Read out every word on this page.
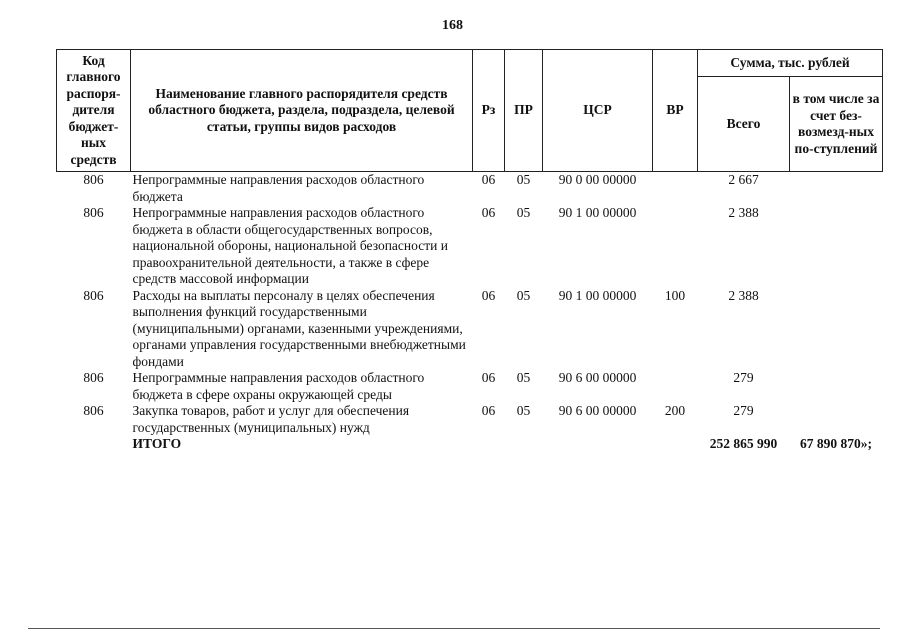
168
Код главного распоря-дителя бюджет-ных средств	Наименование главного распорядителя средств областного бюджета, раздела, подраздела, целевой статьи, группы видов расходов	Рз	ПР	ЦСР	ВР	Сумма, тыс. рублей	
						Всего	в том числе за счет без-возмезд-ных по-ступлений
806	Непрограммные направления расходов областного бюджета	06	05	90 0 00 00000		2 667	
806	Непрограммные направления расходов областного бюджета в области общегосударственных вопросов, национальной обороны, национальной безопасности и правоохранительной деятельности, а также в сфере средств массовой информации	06	05	90 1 00 00000		2 388	
806	Расходы на выплаты персоналу в целях обеспечения выполнения функций государственными (муниципальными) органами, казенными учреждениями, органами управления государственными внебюджетными фондами	06	05	90 1 00 00000	100	2 388	
806	Непрограммные направления расходов областного бюджета в сфере охраны окружающей среды	06	05	90 6 00 00000		279	
806	Закупка товаров, работ и услуг для обеспечения государственных (муниципальных) нужд	06	05	90 6 00 00000	200	279	
	ИТОГО					252 865 990	67 890 870»;
